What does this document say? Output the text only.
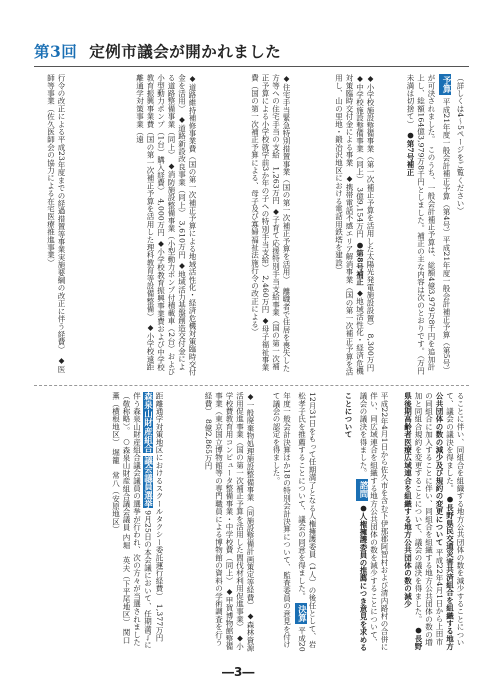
第3回 定例市議会が開かれました
（詳しくは4～5ページをご覧ください）
予算 平成21年度一般会計補正予算（第4号）平成21年度一般会計補正予算（第5号）が可決されました。 このうち、一般会計補正予算は、総額4億3,979万8千円を追加計上し、総額164億3,979万8千円としました。補正の主な内容は次のとおりです。（万円未満は切捨て） ●第7号補正
◆小学校施設整備事業（第一次補正予算を活用した太陽光発電施設設置）　8,300万円 ◆中学校施設整備事業（同上）　3億9,154万円 ●第8号補正 ◆地域活性化・経済危機対策臨時交付金による事業　◆携帯電話不感エリア解消事業（国の第一次補正予算を活用し、山の里地・鍛冶沢地区における電話用鉄塔を建設）
◆住宅手当緊急特別措置事業（国の第一次補正予算を活用）　離職者で住居を喪失した方等への住宅手当の支給　1,263万円 ◆子育て応援特別手当支給事業（国の第一次補正予算による小学校就学前3か年の子への特別手当支給）　2,460万円 ◆母子福祉事業費（国の第一次補正予算による、母子及び寡婦福祉法施行令の改正による）
◆道路維持補修事業費（国の第一次補正予算による地域活性化・経済危機対策臨時交付金を活用） ◆道路新設改良事業（同上）　3,610万円 ◆地域活力基盤創造交付金による道路整備事業（同上） ◆消防施設整備事業（小型動力ポンプ付積載車（2台）および小型動力ポンプ（1台）購入経費）　4,000万円 ◆小学校教育振興事業費および中学校教育振興事業費（国の第一次補正予算を活用した理科教育等設備整備） ◆小学校遠距離通学対策事業（遠
行令の改正による平成23年度までの経過措置等事業実施要綱の改正に伴う経費） ◆医師等事業（佐久医師会の協力による在宅医療推進事業）
ることに伴い、同組合を組織する地方公共団体の数を減少することについて、議会の議決を得ました。 ●長野県民交通災害共済組合を組織する地方公共団体の数の減少及び規約の変更について 平成22年4月1日から上田市の同組合に加入することに伴い、同組合を組織する地方公共団体の数の増加と同組合規約を変更することについて、議会の議決を得ました。 ●長野県後期高齢者医療広域連合を組織する地方公共団体の数の減少
平成22年4月1日から佐久市を含む下伊那郡阿智村および清内路村の合併に伴い、同広域連合を組織する地方公共団体の数を減少することについて、議会の議決を得ました。 諮問 ●人権擁護委員の推薦につき意見を求めることについて
12月31日をもって任期満了となる人権擁護委員（1人）の後任として、岩松孝子氏を推薦することについて、議会の同意を得ました。 決算 平成20年度一般会計決算ほか18の特別会計決算について、監査委員の意見を付けて議会の認定を得ました。
◆一般廃棄物処理施設整備事業（同施設整備計画策定等経費） ◆森林資源活用促進事業（国の第一次補正予算を活用した間伐材利用促進事業） ◆小学校費教育用コンピュータ整備事業・中学校費（同上） ◆甲賀博物館整備事業（東京国立博物館等の専門職員による博物館の資料の学術調査を行う経費）　8億2,865万円
距離通学対策地区におけるスクールタクシー委託運行経費）　1,377万円 森泉山財産組合 議会議員選挙 9月25日の本会議において、任期満了に伴う森泉山財産組合議会議員の選挙が行われ、次の方々が当選されました（敬称略）。 ○森泉山財産組合議会議員 内堀　英夫（下平尾地区） 関口　薫（横根地区） 堀籠　常八（安原地区）
―3―
